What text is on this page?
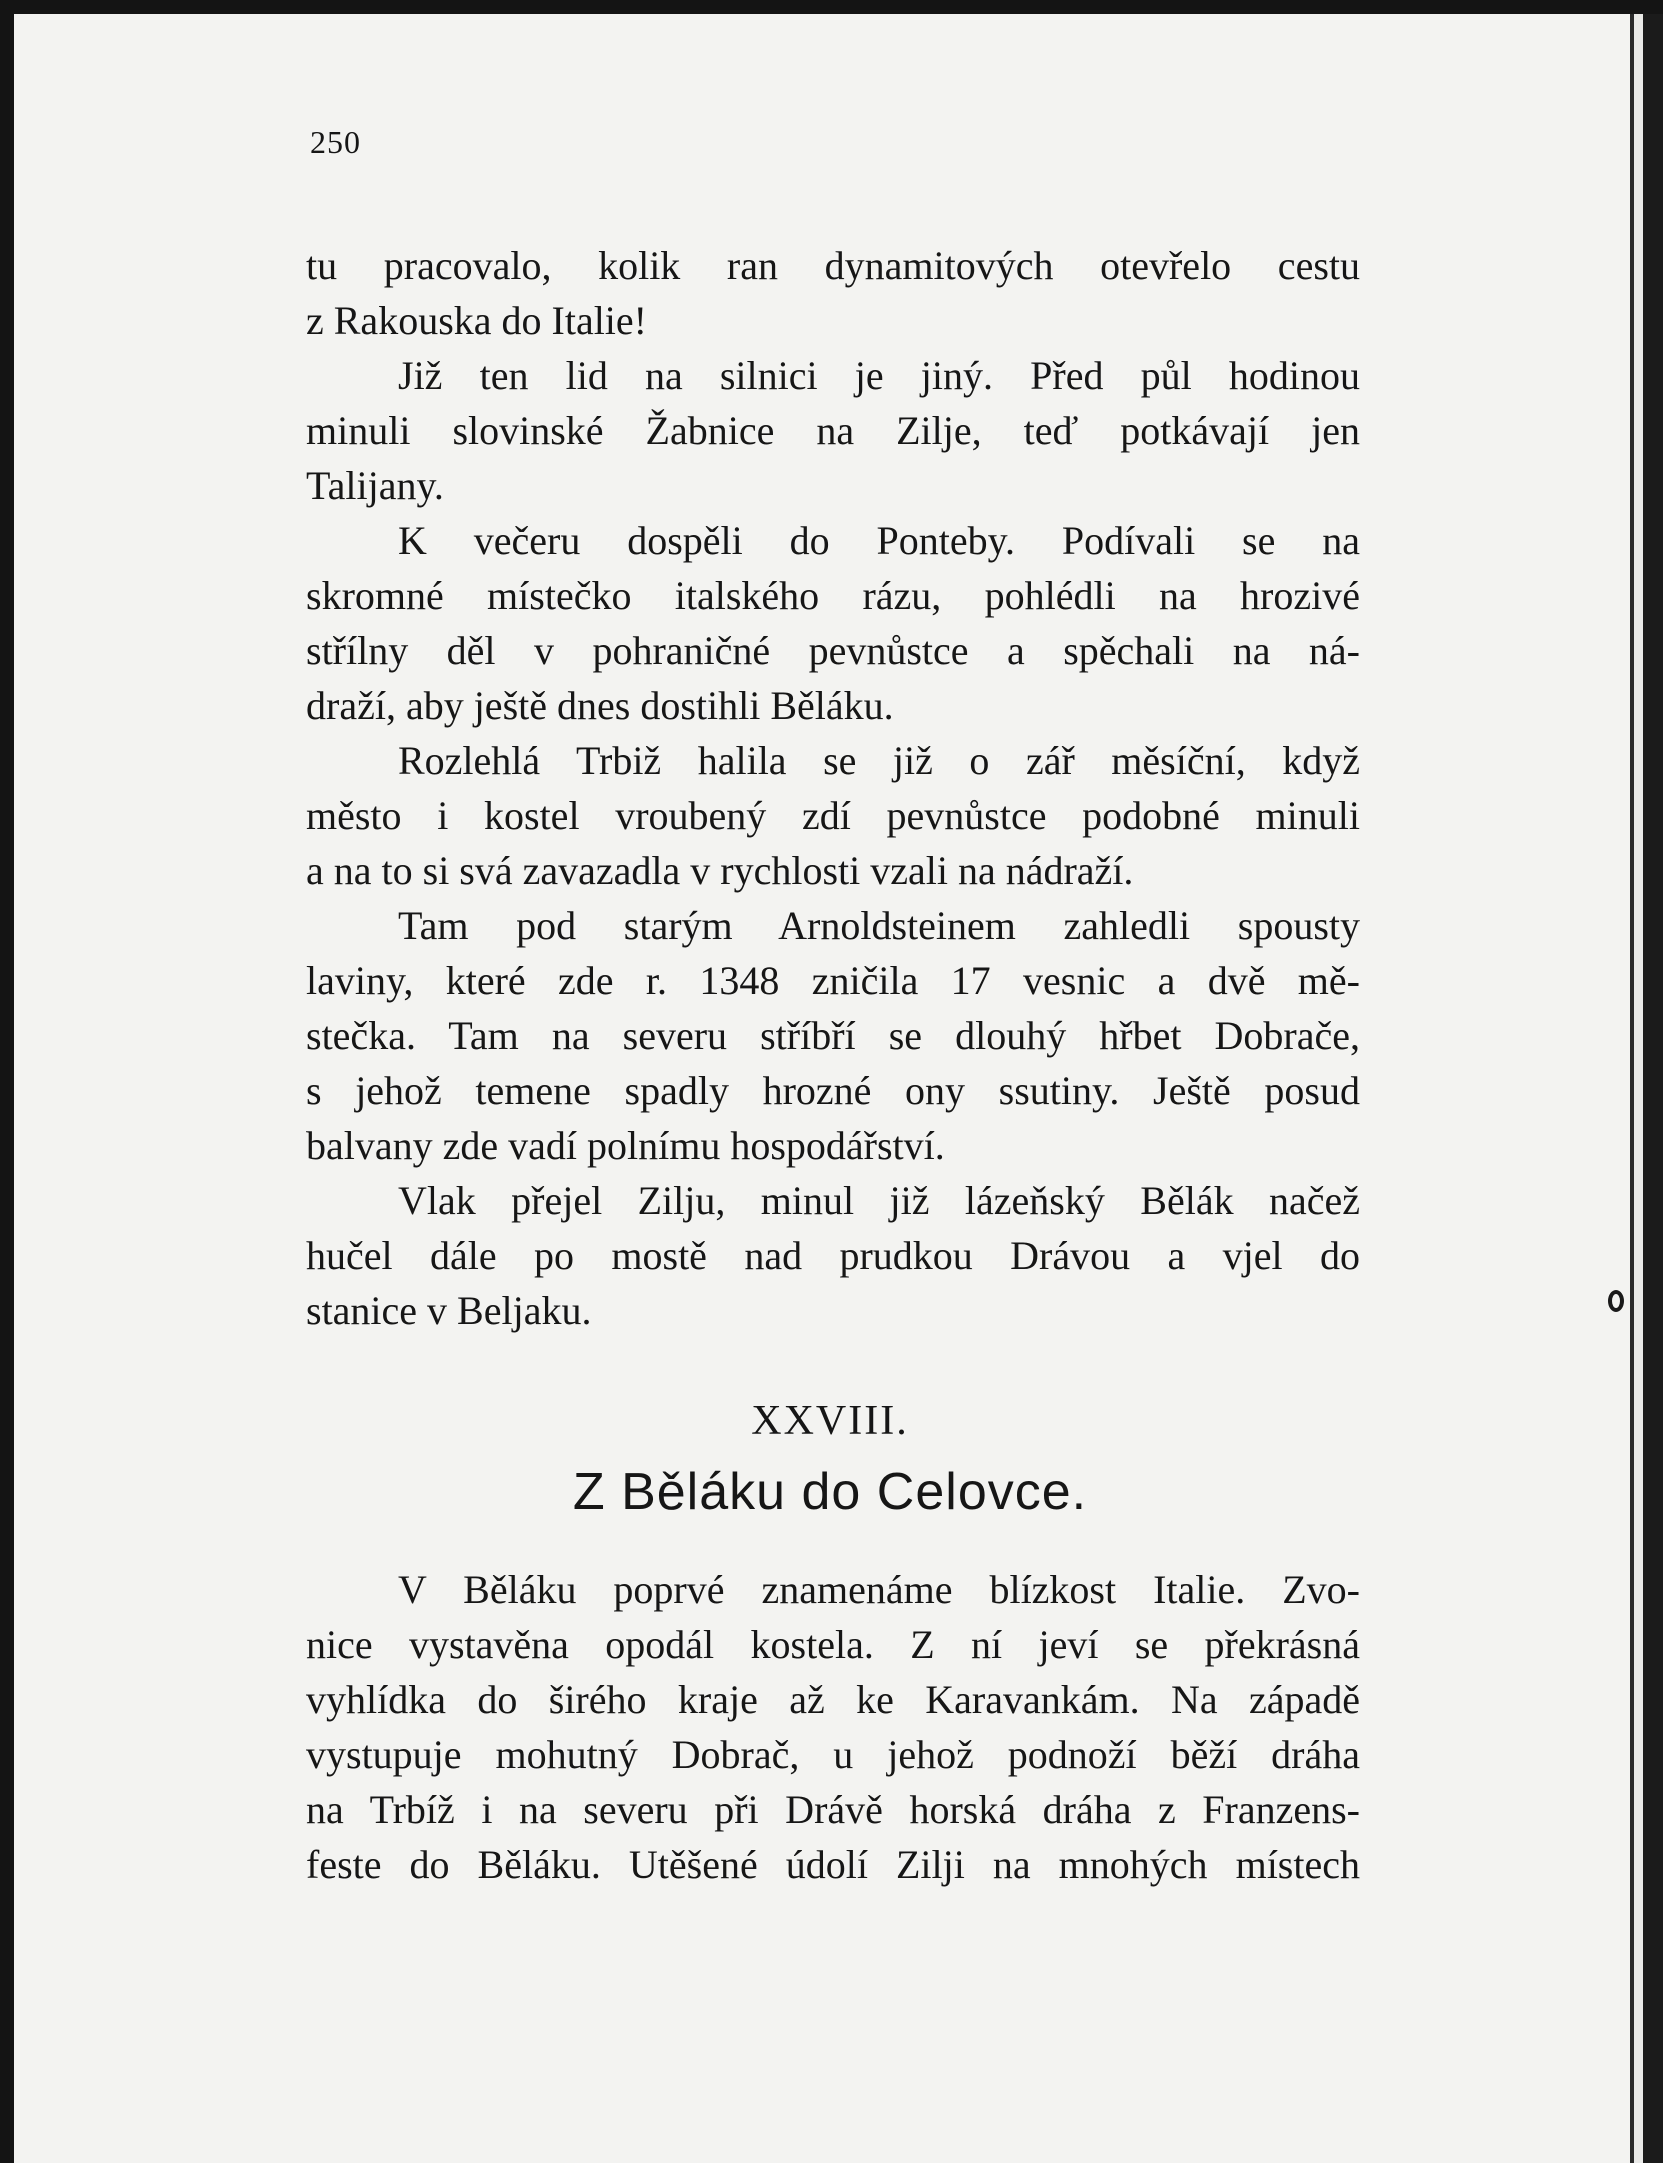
250
tu pracovalo, kolik ran dynamitových otevřelo cestu
z Rakouska do Italie!
Již ten lid na silnici je jiný. Před půl hodinou
minuli slovinské Žabnice na Zilje, teď potkávají jen
Talijany.
K večeru dospěli do Ponteby. Podívali se na
skromné místečko italského rázu, pohlédli na hrozivé
střílny děl v pohraničné pevnůstce a spěchali na ná-
draží, aby ještě dnes dostihli Běláku.
Rozlehlá Trbiž halila se již o zář měsíční, když
město i kostel vroubený zdí pevnůstce podobné minuli
a na to si svá zavazadla v rychlosti vzali na nádraží.
Tam pod starým Arnoldsteinem zahledli spousty
laviny, které zde r. 1348 zničila 17 vesnic a dvě mě-
stečka. Tam na severu stříbří se dlouhý hřbet Dobrače,
s jehož temene spadly hrozné ony ssutiny. Ještě posud
balvany zde vadí polnímu hospodářství.
Vlak přejel Zilju, minul již lázeňský Bělák načež
hučel dále po mostě nad prudkou Drávou a vjel do
stanice v Beljaku.
XXVIII.
Z Běláku do Celovce.
V Běláku poprvé znamenáme blízkost Italie. Zvo-
nice vystavěna opodál kostela. Z ní jeví se překrásná
vyhlídka do širého kraje až ke Karavankám. Na západě
vystupuje mohutný Dobrač, u jehož podnoží běží dráha
na Trbíž i na severu při Drávě horská dráha z Franzens-
feste do Běláku. Utěšené údolí Zilji na mnohých místech
